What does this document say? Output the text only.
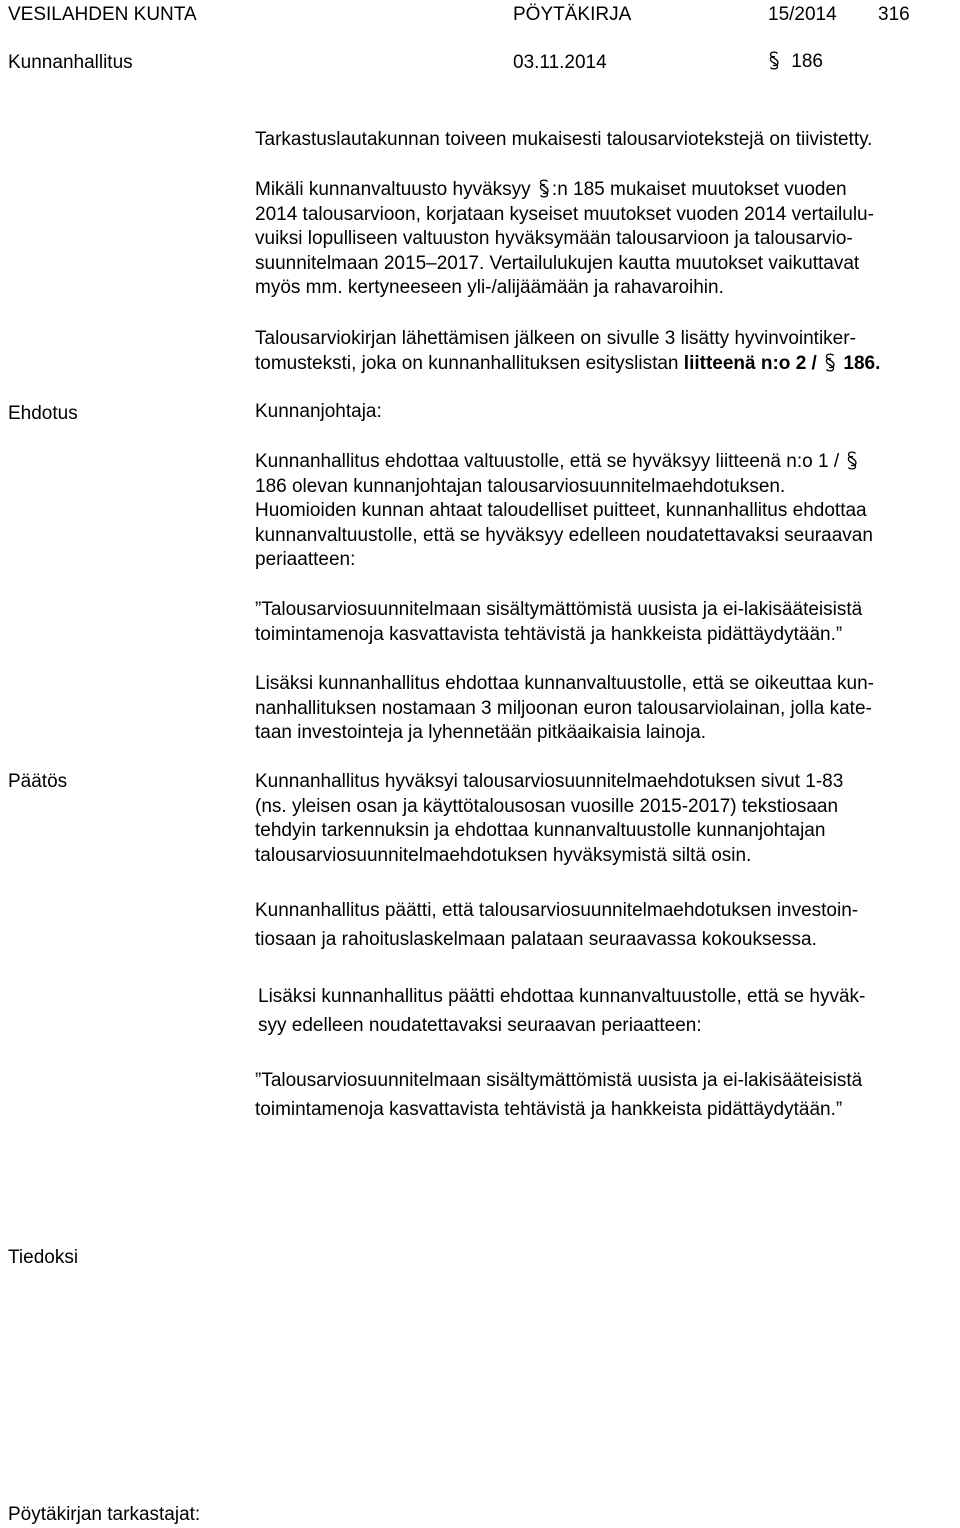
VESILAHDEN KUNTA	PÖYTÄKIRJA	15/2014 316
Kunnanhallitus	03.11.2014	186
Tarkastuslautakunnan toiveen mukaisesti talousarviotekstejä on tiivistetty.
Mikäli kunnanvaltuusto hyväksyy :n 185 mukaiset muutokset vuoden
2014 talousarvioon, korjataan kyseiset muutokset vuoden 2014 vertailulu-
vuiksi lopulliseen valtuuston hyväksymään talousarvioon ja talousarvio-
suunnitelmaan 2015–2017. Vertailulukujen kautta muutokset vaikuttavat
myös mm. kertyneeseen yli-/alijäämään ja rahavaroihin.
Talousarviokirjan lähettämisen jälkeen on sivulle 3 lisätty hyvinvointiker-
tomusteksti, joka on kunnanhallituksen esityslistan liitteenä n:o 2 / 186.
Ehdotus	Kunnanjohtaja:
Kunnanhallitus ehdottaa valtuustolle, että se hyväksyy liitteenä n:o 1 /
186 olevan kunnanjohtajan talousarviosuunnitelmaehdotuksen.
Huomioiden kunnan ahtaat taloudelliset puitteet, kunnanhallitus ehdottaa
kunnanvaltuustolle, että se hyväksyy edelleen noudatettavaksi seuraavan
periaatteen:
”Talousarviosuunnitelmaan sisältymättömistä uusista ja ei-lakisääteisistä
toimintamenoja kasvattavista tehtävistä ja hankkeista pidättäydytään.”
Lisäksi kunnanhallitus ehdottaa kunnanvaltuustolle, että se oikeuttaa kun-
nanhallituksen nostamaan 3 miljoonan euron talousarviolainan, jolla kate-
taan investointeja ja lyhennetään pitkäaikaisia lainoja.
Päätös	Kunnanhallitus hyväksyi talousarviosuunnitelmaehdotuksen sivut 1-83
(ns. yleisen osan ja käyttötalousosan vuosille 2015-2017) tekstiosaan
tehdyin tarkennuksin ja ehdottaa kunnanvaltuustolle kunnanjohtajan
talousarviosuunnitelmaehdotuksen hyväksymistä siltä osin.
Kunnanhallitus päätti, että talousarviosuunnitelmaehdotuksen investoin-
tiosaan ja rahoituslaskelmaan palataan seuraavassa kokouksessa.
Lisäksi kunnanhallitus päätti ehdottaa kunnanvaltuustolle, että se hyväk-
syy edelleen noudatettavaksi seuraavan periaatteen:
”Talousarviosuunnitelmaan sisältymättömistä uusista ja ei-lakisääteisistä
toimintamenoja kasvattavista tehtävistä ja hankkeista pidättäydytään.”
Tiedoksi
Pöytäkirjan tarkastajat:
